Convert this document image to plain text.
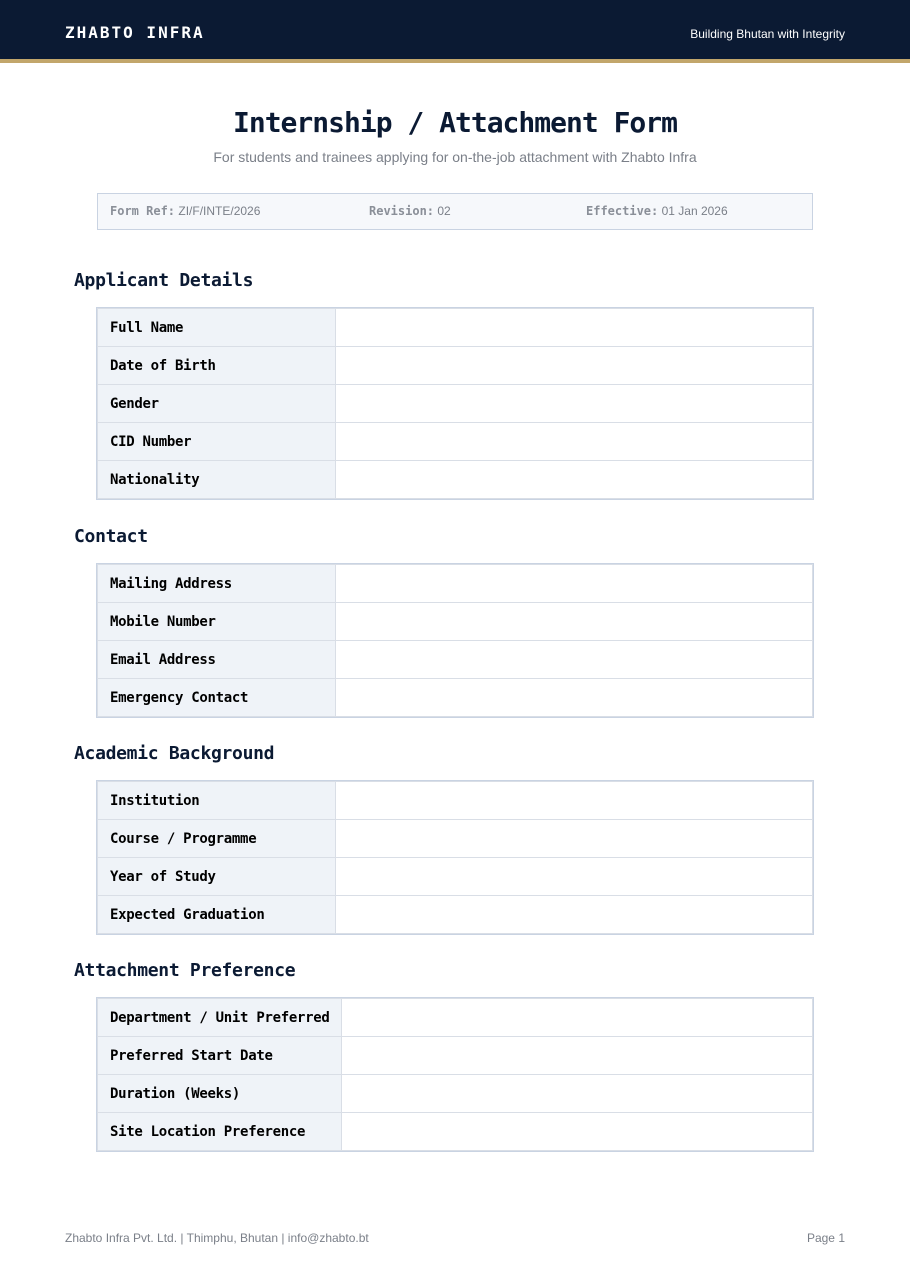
ZHABTO INFRA	Building Bhutan with Integrity
Internship / Attachment Form
For students and trainees applying for on-the-job attachment with Zhabto Infra
Form Ref: ZI/F/INTE/2026	Revision: 02	Effective: 01 Jan 2026
Applicant Details
Full Name	
Date of Birth	
Gender	
CID Number	
Nationality	
Contact
Mailing Address	
Mobile Number	
Email Address	
Emergency Contact	
Academic Background
Institution	
Course / Programme	
Year of Study	
Expected Graduation	
Attachment Preference
Department / Unit Preferred	
Preferred Start Date	
Duration (Weeks)	
Site Location Preference	
Zhabto Infra Pvt. Ltd. | Thimphu, Bhutan | info@zhabto.bt	Page 1
